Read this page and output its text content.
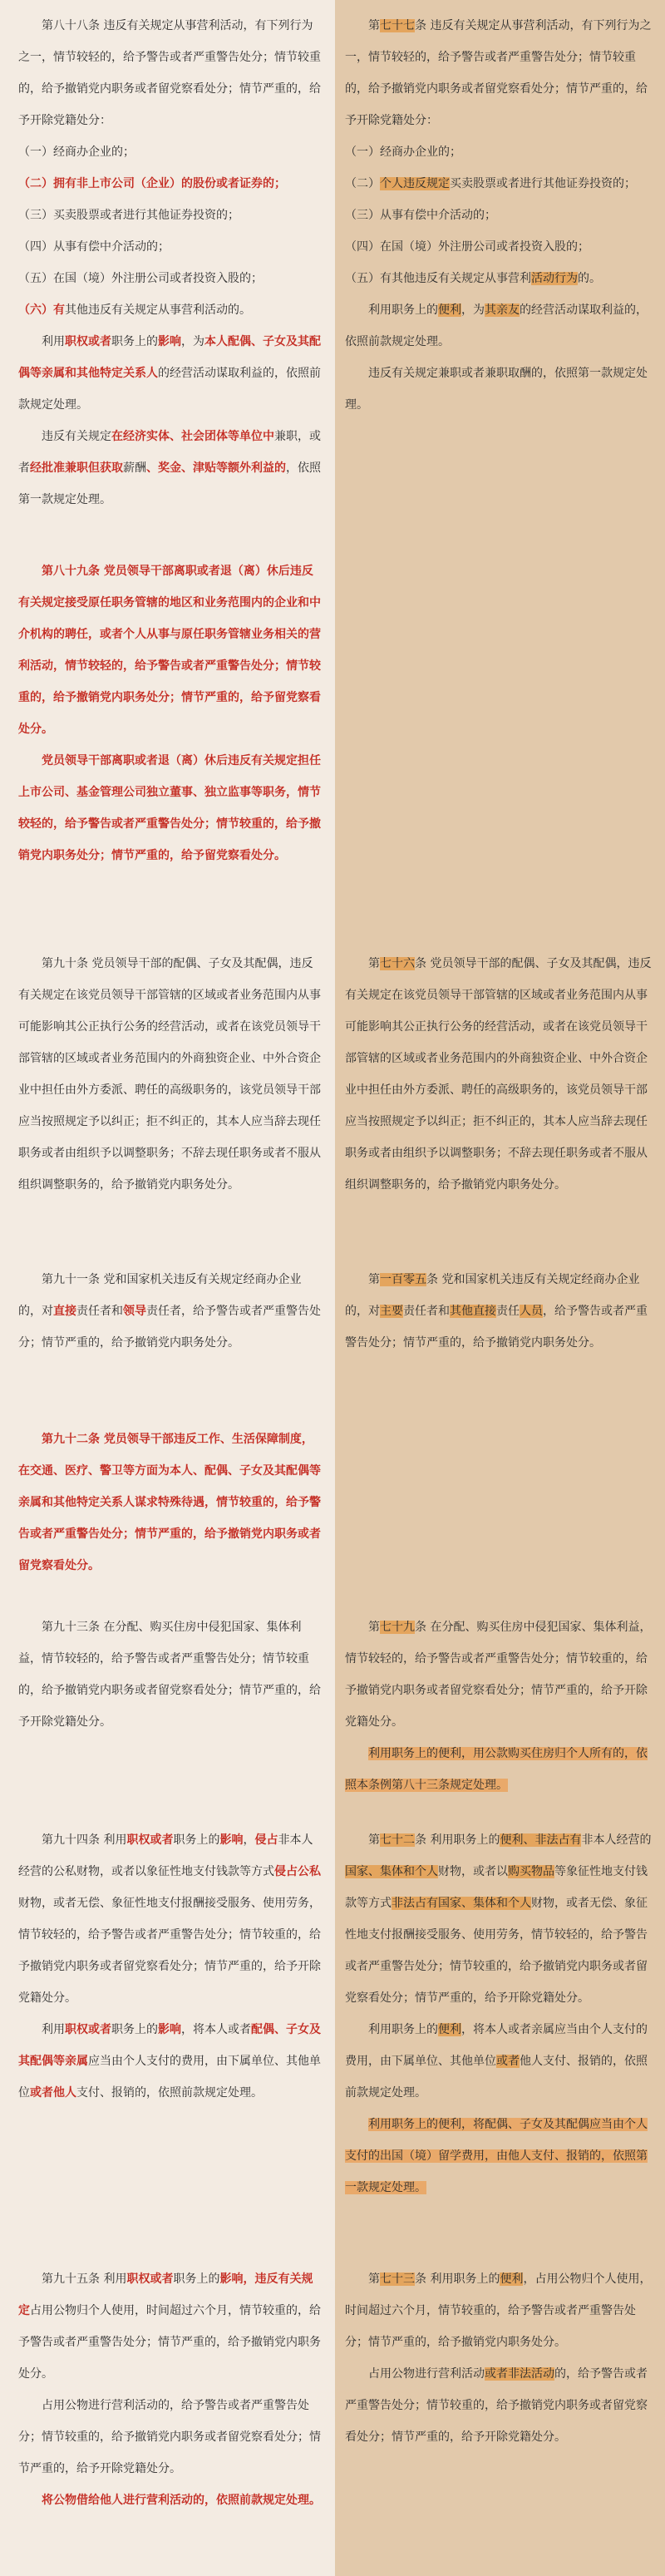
第八十八条 违反有关规定从事营利活动，有下列行为之一，情节较轻的，给予警告或者严重警告处分；情节较重的，给予撤销党内职务或者留党察看处分；情节严重的，给予开除党籍处分：

（一）经商办企业的；

（二）拥有非上市公司（企业）的股份或者证券的；

（三）买卖股票或者进行其他证券投资的；

（四）从事有偿中介活动的；

（五）在国（境）外注册公司或者投资入股的；

（六）有其他违反有关规定从事营利活动的。

利用职权或者职务上的影响，为本人配偶、子女及其配偶等亲属和其他特定关系人的经营活动谋取利益的，依照前款规定处理。

违反有关规定在经济实体、社会团体等单位中兼职，或者经批准兼职但获取薪酬、奖金、津贴等额外利益的，依照第一款规定处理。

第八十九条 党员领导干部离职或者退（离）休后违反有关规定接受原任职务管辖的地区和业务范围内的企业和中介机构的聘任，或者个人从事与原任职务管辖业务相关的营利活动，情节较轻的，给予警告或者严重警告处分；情节较重的，给予撤销党内职务处分；情节严重的，给予留党察看处分。

党员领导干部离职或者退（离）休后违反有关规定担任上市公司、基金管理公司独立董事、独立监事等职务，情节较轻的，给予警告或者严重警告处分；情节较重的，给予撤销党内职务处分；情节严重的，给予留党察看处分。

第九十条 党员领导干部的配偶、子女及其配偶，违反有关规定在该党员领导干部管辖的区域或者业务范围内从事可能影响其公正执行公务的经营活动，或者在该党员领导干部管辖的区域或者业务范围内的外商独资企业、中外合资企业中担任由外方委派、聘任的高级职务的，该党员领导干部应当按照规定予以纠正；拒不纠正的，其本人应当辞去现任职务或者由组织予以调整职务；不辞去现任职务或者不服从组织调整职务的，给予撤销党内职务处分。

第九十一条 党和国家机关违反有关规定经商办企业的，对直接责任者和领导责任者，给予警告或者严重警告处分；情节严重的，给予撤销党内职务处分。

第九十二条 党员领导干部违反工作、生活保障制度，在交通、医疗、警卫等方面为本人、配偶、子女及其配偶等亲属和其他特定关系人谋求特殊待遇，情节较重的，给予警告或者严重警告处分；情节严重的，给予撤销党内职务或者留党察看处分。

第九十三条 在分配、购买住房中侵犯国家、集体利益，情节较轻的，给予警告或者严重警告处分；情节较重的，给予撤销党内职务或者留党察看处分；情节严重的，给予开除党籍处分。

第九十四条 利用职权或者职务上的影响，侵占非本人经营的公私财物，或者以象征性地支付钱款等方式侵占公私财物，或者无偿、象征性地支付报酬接受服务、使用劳务，情节较轻的，给予警告或者严重警告处分；情节较重的，给予撤销党内职务或者留党察看处分；情节严重的，给予开除党籍处分。

利用职权或者职务上的影响，将本人或者配偶、子女及其配偶等亲属应当由个人支付的费用，由下属单位、其他单位或者他人支付、报销的，依照前款规定处理。

第九十五条 利用职权或者职务上的影响，违反有关规定占用公物归个人使用，时间超过六个月，情节较重的，给予警告或者严重警告处分；情节严重的，给予撤销党内职务处分。

占用公物进行营利活动的，给予警告或者严重警告处分；情节较重的，给予撤销党内职务或者留党察看处分；情节严重的，给予开除党籍处分。

将公物借给他人进行营利活动的，依照前款规定处理。

第七十七条 违反有关规定从事营利活动，有下列行为之一，情节较轻的，给予警告或者严重警告处分；情节较重的，给予撤销党内职务或者留党察看处分；情节严重的，给予开除党籍处分：

（一）经商办企业的；

（二）个人违反规定买卖股票或者进行其他证券投资的；

（三）从事有偿中介活动的；

（四）在国（境）外注册公司或者投资入股的；

（五）有其他违反有关规定从事营利活动行为的。

利用职务上的便利，为其亲友的经营活动谋取利益的，依照前款规定处理。

违反有关规定兼职或者兼职取酬的，依照第一款规定处理。

第七十六条 党员领导干部的配偶、子女及其配偶，违反有关规定在该党员领导干部管辖的区域或者业务范围内从事可能影响其公正执行公务的经营活动，或者在该党员领导干部管辖的区域或者业务范围内的外商独资企业、中外合资企业中担任由外方委派、聘任的高级职务的，该党员领导干部应当按照规定予以纠正；拒不纠正的，其本人应当辞去现任职务或者由组织予以调整职务；不辞去现任职务或者不服从组织调整职务的，给予撤销党内职务处分。

第一百零五条 党和国家机关违反有关规定经商办企业的，对主要责任者和其他直接责任人员，给予警告或者严重警告处分；情节严重的，给予撤销党内职务处分。

第七十九条 在分配、购买住房中侵犯国家、集体利益，情节较轻的，给予警告或者严重警告处分；情节较重的，给予撤销党内职务或者留党察看处分；情节严重的，给予开除党籍处分。

利用职务上的便利，用公款购买住房归个人所有的，依照本条例第八十三条规定处理。

第七十二条 利用职务上的便利、非法占有非本人经营的国家、集体和个人财物，或者以购买物品等象征性地支付钱款等方式非法占有国家、集体和个人财物，或者无偿、象征性地支付报酬接受服务、使用劳务，情节较轻的，给予警告或者严重警告处分；情节较重的，给予撤销党内职务或者留党察看处分；情节严重的，给予开除党籍处分。

利用职务上的便利，将本人或者亲属应当由个人支付的费用，由下属单位、其他单位或者他人支付、报销的，依照前款规定处理。

利用职务上的便利，将配偶、子女及其配偶应当由个人支付的出国（境）留学费用，由他人支付、报销的，依照第一款规定处理。

第七十三条 利用职务上的便利，占用公物归个人使用，时间超过六个月，情节较重的，给予警告或者严重警告处分；情节严重的，给予撤销党内职务处分。

占用公物进行营利活动或者非法活动的，给予警告或者严重警告处分；情节较重的，给予撤销党内职务或者留党察看处分；情节严重的，给予开除党籍处分。
